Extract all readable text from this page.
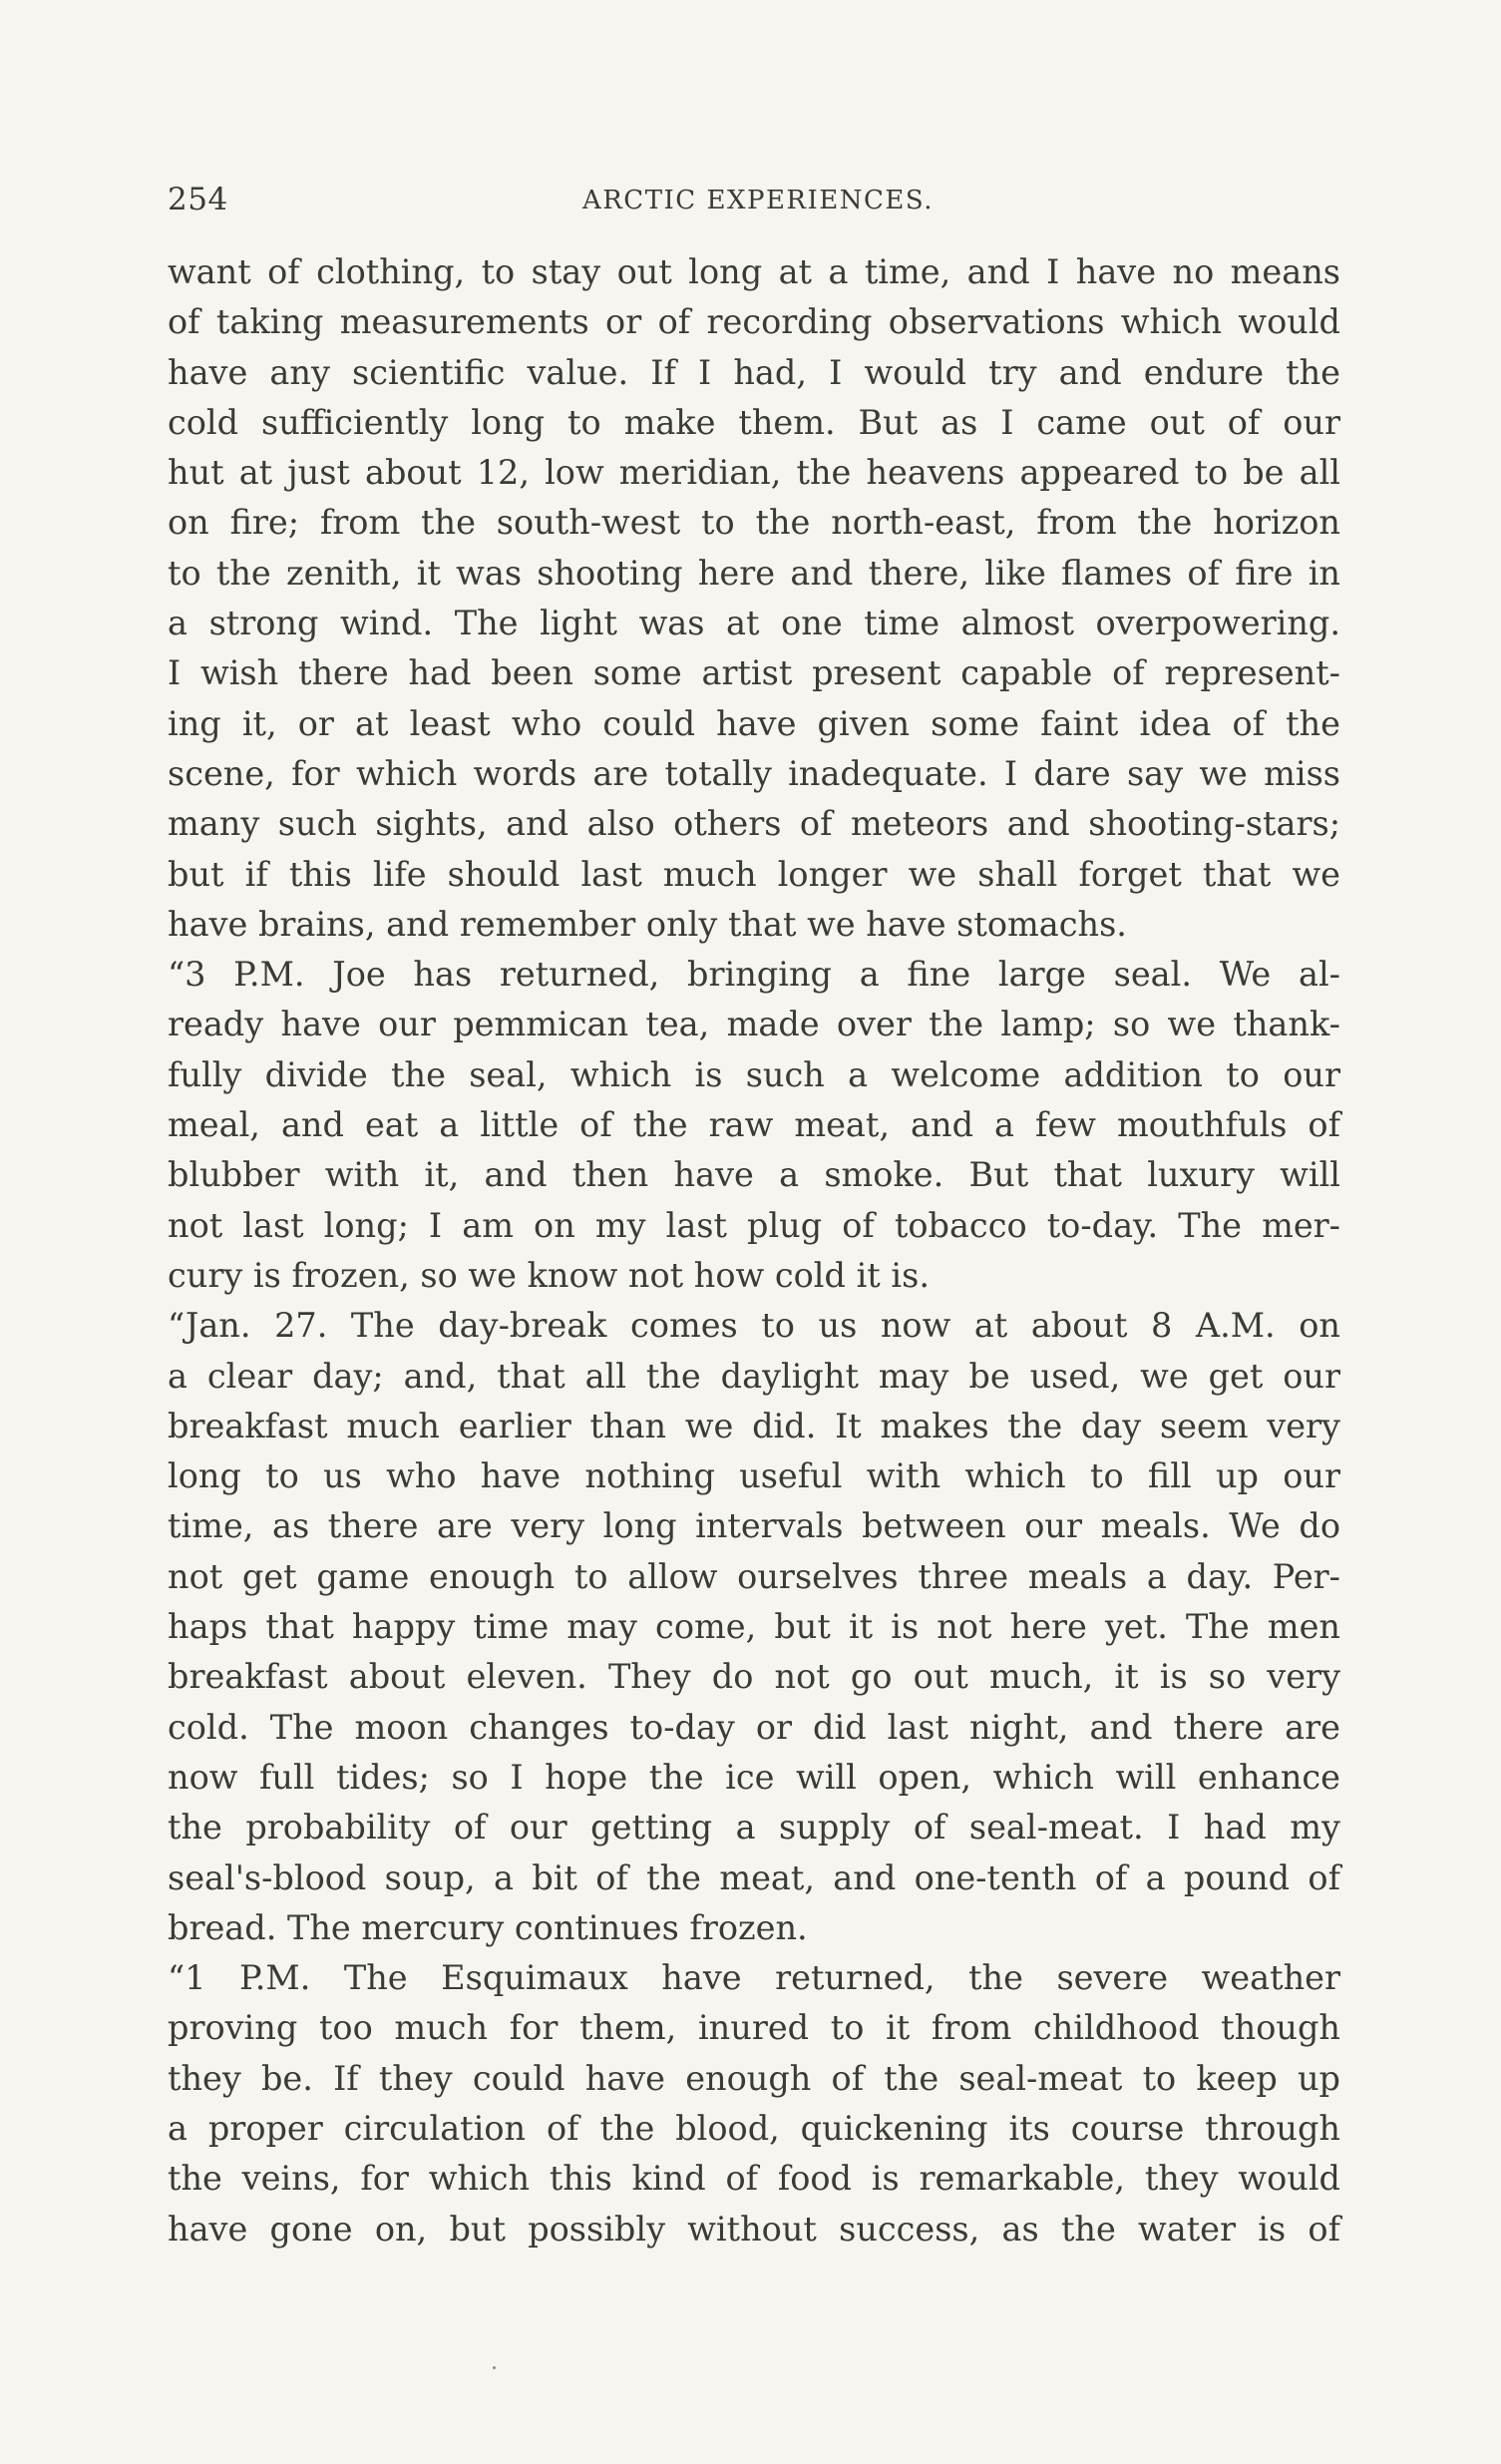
254	ARCTIC EXPERIENCES.
want of clothing, to stay out long at a time, and I have no means
of taking measurements or of recording observations which would
have any scientific value. If I had, I would try and endure the
cold sufficiently long to make them. But as I came out of our
hut at just about 12, low meridian, the heavens appeared to be all
on fire; from the south-west to the north-east, from the horizon
to the zenith, it was shooting here and there, like flames of fire in
a strong wind. The light was at one time almost overpowering.
I wish there had been some artist present capable of represent-
ing it, or at least who could have given some faint idea of the
scene, for which words are totally inadequate. I dare say we miss
many such sights, and also others of meteors and shooting-stars;
but if this life should last much longer we shall forget that we
have brains, and remember only that we have stomachs.
“3 P.M. Joe has returned, bringing a fine large seal. We al-
ready have our pemmican tea, made over the lamp; so we thank-
fully divide the seal, which is such a welcome addition to our
meal, and eat a little of the raw meat, and a few mouthfuls of
blubber with it, and then have a smoke. But that luxury will
not last long; I am on my last plug of tobacco to-day. The mer-
cury is frozen, so we know not how cold it is.
“Jan. 27. The day-break comes to us now at about 8 A.M. on
a clear day; and, that all the daylight may be used, we get our
breakfast much earlier than we did. It makes the day seem very
long to us who have nothing useful with which to fill up our
time, as there are very long intervals between our meals. We do
not get game enough to allow ourselves three meals a day. Per-
haps that happy time may come, but it is not here yet. The men
breakfast about eleven. They do not go out much, it is so very
cold. The moon changes to-day or did last night, and there are
now full tides; so I hope the ice will open, which will enhance
the probability of our getting a supply of seal-meat. I had my
seal's-blood soup, a bit of the meat, and one-tenth of a pound of
bread. The mercury continues frozen.
“1 P.M. The Esquimaux have returned, the severe weather
proving too much for them, inured to it from childhood though
they be. If they could have enough of the seal-meat to keep up
a proper circulation of the blood, quickening its course through
the veins, for which this kind of food is remarkable, they would
have gone on, but possibly without success, as the water is of
